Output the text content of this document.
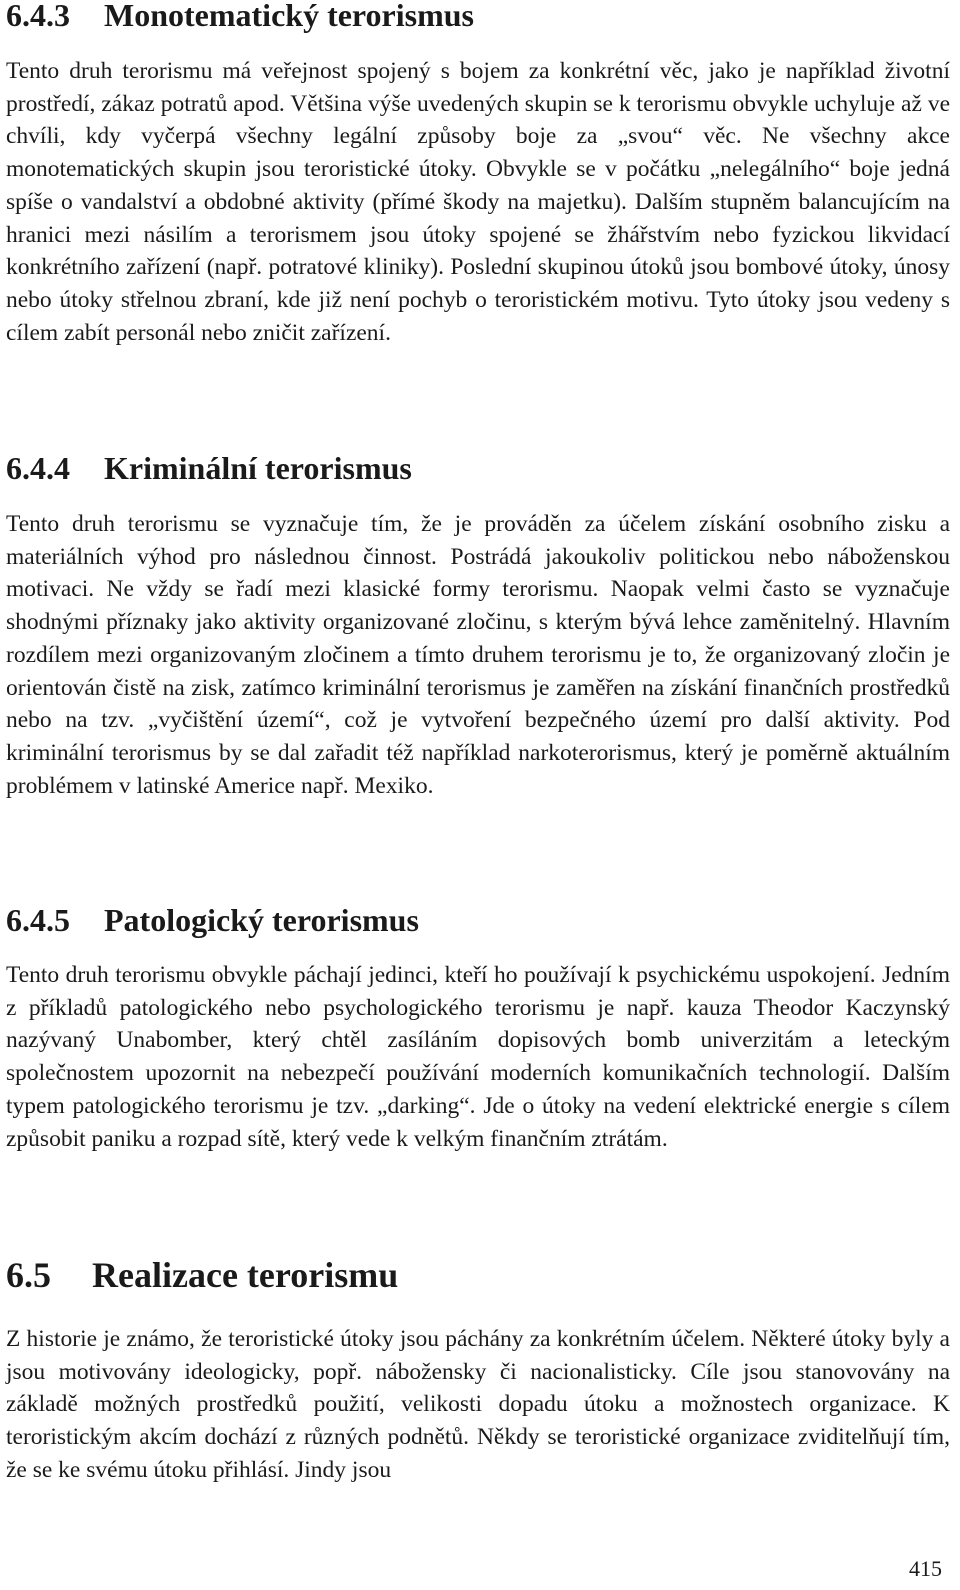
6.4.3	Monotematický terorismus

Tento druh terorismu má veřejnost spojený s bojem za konkrétní věc, jako je například životní prostředí, zákaz potratů apod. Většina výše uvedených skupin se k terorismu obvykle uchyluje až ve chvíli, kdy vyčerpá všechny legální způsoby boje za „svou“ věc. Ne všechny akce monotematických skupin jsou teroristické útoky. Obvykle se v počátku „nelegálního“ boje jedná spíše o vandalství a obdobné aktivity (přímé škody na majetku). Dalším stupněm balancujícím na hranici mezi násilím a terorismem jsou útoky spojené se žhářstvím nebo fyzickou likvidací konkrétního zařízení (např. potratové kliniky). Poslední skupinou útoků jsou bombové útoky, únosy nebo útoky střelnou zbraní, kde již není pochyb o teroristickém motivu. Tyto útoky jsou vedeny s cílem zabít personál nebo zničit zařízení.

6.4.4	Kriminální terorismus

Tento druh terorismu se vyznačuje tím, že je prováděn za účelem získání osobního zisku a materiálních výhod pro následnou činnost. Postrádá jakoukoliv politickou nebo náboženskou motivaci. Ne vždy se řadí mezi klasické formy terorismu. Naopak velmi často se vyznačuje shodnými příznaky jako aktivity organizované zločinu, s kterým bývá lehce zaměnitelný. Hlavním rozdílem mezi organizovaným zločinem a tímto druhem terorismu je to, že organizovaný zločin je orientován čistě na zisk, zatímco kriminální terorismus je zaměřen na získání finančních prostředků nebo na tzv. „vyčištění území“, což je vytvoření bezpečného území pro další aktivity. Pod kriminální terorismus by se dal zařadit též například narkoterorismus, který je poměrně aktuálním problémem v latinské Americe např. Mexiko.

6.4.5	Patologický terorismus

Tento druh terorismu obvykle páchají jedinci, kteří ho používají k psychickému uspokojení. Jedním z příkladů patologického nebo psychologického terorismu je např. kauza Theodor Kaczynský nazývaný Unabomber, který chtěl zasíláním dopisových bomb univerzitám a leteckým společnostem upozornit na nebezpečí používání moderních komunikačních technologií. Dalším typem patologického terorismu je tzv. „darking“. Jde o útoky na vedení elektrické energie s cílem způsobit paniku a rozpad sítě, který vede k velkým finančním ztrátám.

6.5	Realizace terorismu

Z historie je známo, že teroristické útoky jsou páchány za konkrétním účelem. Některé útoky byly a jsou motivovány ideologicky, popř. nábožensky či nacionalisticky. Cíle jsou stanovovány na základě možných prostředků použití, velikosti dopadu útoku a možnostech organizace. K teroristickým akcím dochází z různých podnětů. Někdy se teroristické organizace zviditelňují tím, že se ke svému útoku přihlásí. Jindy jsou

415
